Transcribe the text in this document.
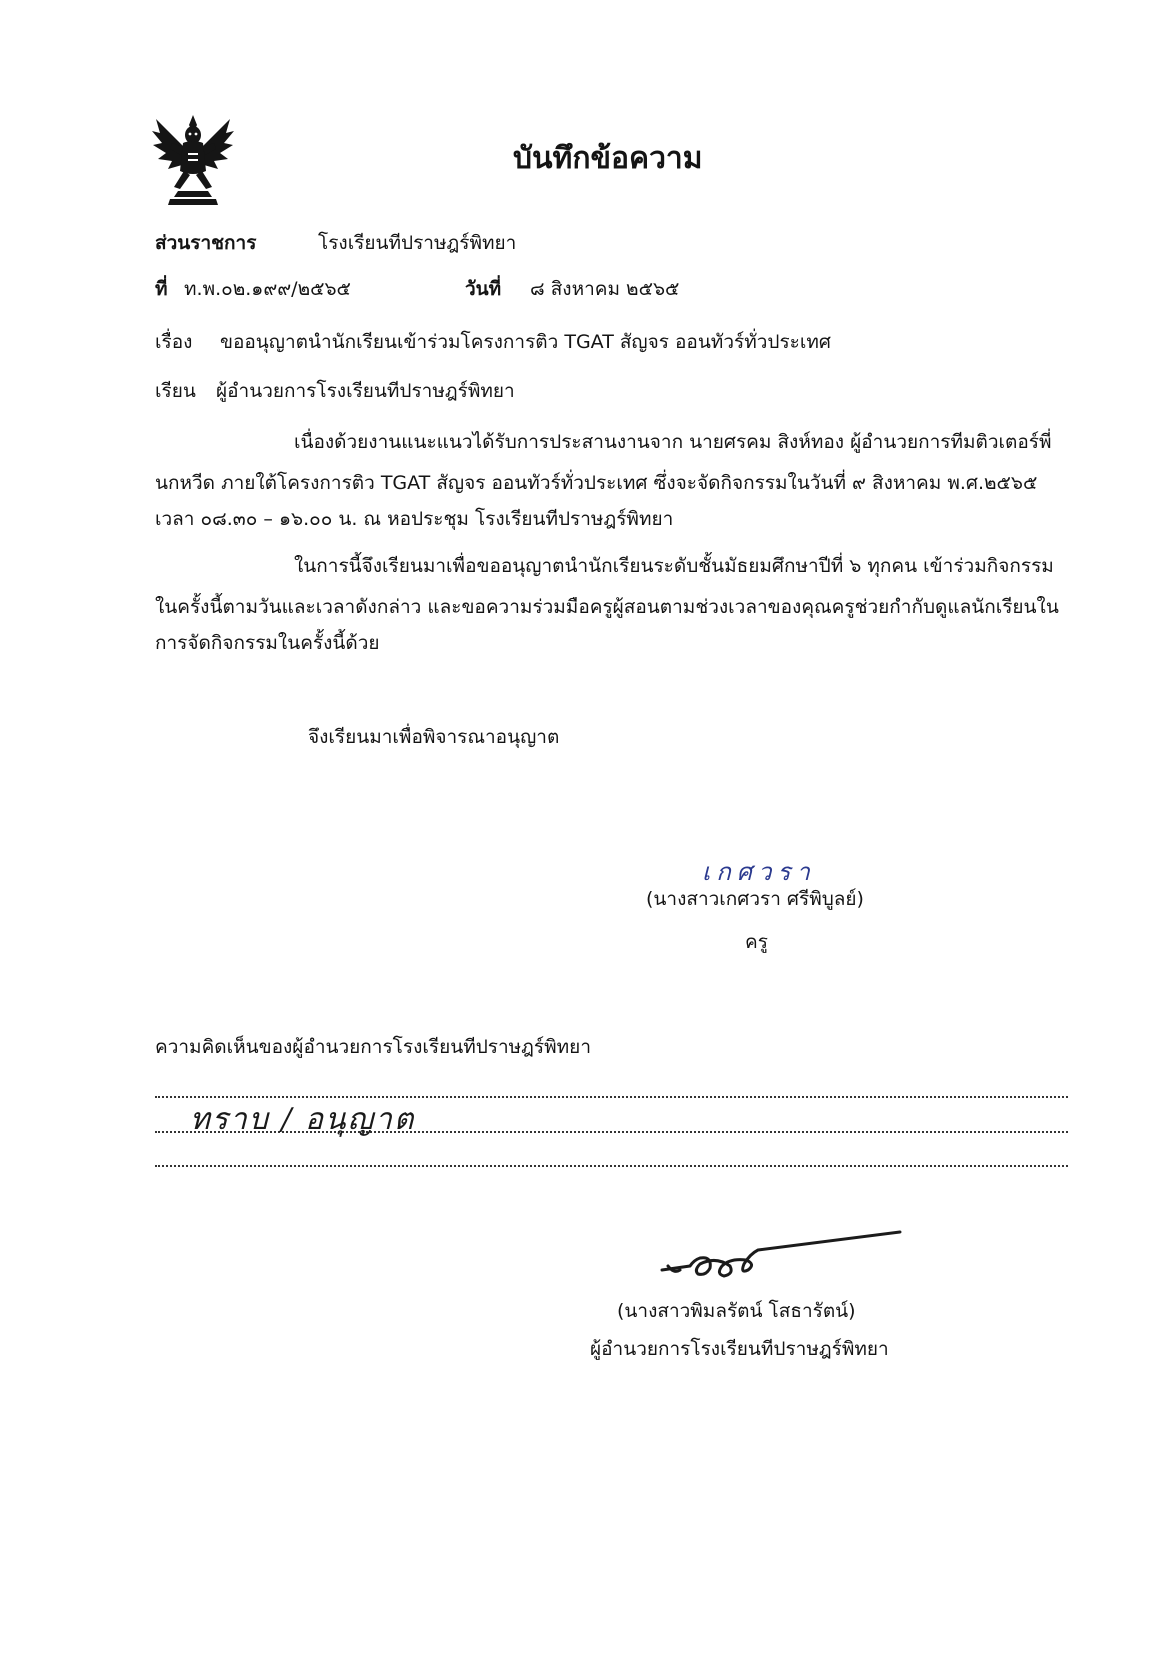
บันทึกข้อความ
ส่วนราชการ	โรงเรียนทีปราษฎร์พิทยา
ที่ ท.พ.๐๒.๑๙๙/๒๕๖๕	วันที่ ๘ สิงหาคม ๒๕๖๕
เรื่อง ขออนุญาตนำนักเรียนเข้าร่วมโครงการติว TGAT สัญจร ออนทัวร์ทั่วประเทศ
เรียน ผู้อำนวยการโรงเรียนทีปราษฎร์พิทยา
เนื่องด้วยงานแนะแนวได้รับการประสานงานจาก นายศรคม สิงห์ทอง ผู้อำนวยการทีมติวเตอร์พี่
นกหวีด ภายใต้โครงการติว TGAT สัญจร ออนทัวร์ทั่วประเทศ ซึ่งจะจัดกิจกรรมในวันที่ ๙ สิงหาคม พ.ศ.๒๕๖๕
เวลา ๐๘.๓๐ – ๑๖.๐๐ น. ณ หอประชุม โรงเรียนทีปราษฎร์พิทยา
ในการนี้จึงเรียนมาเพื่อขออนุญาตนำนักเรียนระดับชั้นมัธยมศึกษาปีที่ ๖ ทุกคน เข้าร่วมกิจกรรม
ในครั้งนี้ตามวันและเวลาดังกล่าว และขอความร่วมมือครูผู้สอนตามช่วงเวลาของคุณครูช่วยกำกับดูแลนักเรียนใน
การจัดกิจกรรมในครั้งนี้ด้วย
จึงเรียนมาเพื่อพิจารณาอนุญาต
เกศวรา
(นางสาวเกศวรา ศรีพิบูลย์)
ครู
ความคิดเห็นของผู้อำนวยการโรงเรียนทีปราษฎร์พิทยา
ทราบ / อนุญาต
(นางสาวพิมลรัตน์ โสธารัตน์)
ผู้อำนวยการโรงเรียนทีปราษฎร์พิทยา
